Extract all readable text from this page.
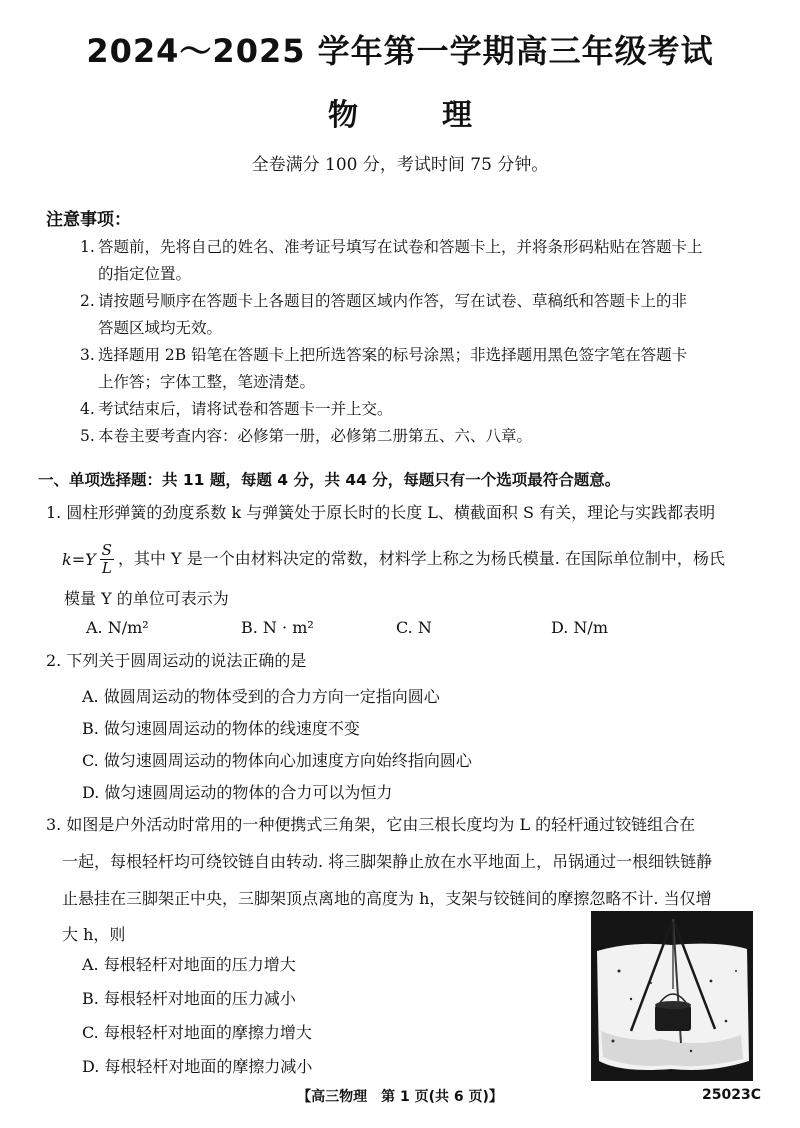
2024～2025 学年第一学期高三年级考试
物	理
全卷满分 100 分，考试时间 75 分钟。
注意事项：
1. 答题前，先将自己的姓名、准考证号填写在试卷和答题卡上，并将条形码粘贴在答题卡上
的指定位置。
2. 请按题号顺序在答题卡上各题目的答题区域内作答，写在试卷、草稿纸和答题卡上的非
答题区域均无效。
3. 选择题用 2B 铅笔在答题卡上把所选答案的标号涂黑；非选择题用黑色签字笔在答题卡
上作答；字体工整，笔迹清楚。
4. 考试结束后，请将试卷和答题卡一并上交。
5. 本卷主要考查内容：必修第一册，必修第二册第五、六、八章。
一、单项选择题：共 11 题，每题 4 分，共 44 分，每题只有一个选项最符合题意。
1. 圆柱形弹簧的劲度系数 k 与弹簧处于原长时的长度 L、横截面积 S 有关，理论与实践都表明
$k=Y \frac{S}{L}$ ，其中 Y 是一个由材料决定的常数，材料学上称之为杨氏模量. 在国际单位制中，杨氏
模量 Y 的单位可表示为
A. N/m²	B. N · m²	C. N	D. N/m
2. 下列关于圆周运动的说法正确的是
A. 做圆周运动的物体受到的合力方向一定指向圆心
B. 做匀速圆周运动的物体的线速度不变
C. 做匀速圆周运动的物体向心加速度方向始终指向圆心
D. 做匀速圆周运动的物体的合力可以为恒力
3. 如图是户外活动时常用的一种便携式三角架，它由三根长度均为 L 的轻杆通过铰链组合在
一起，每根轻杆均可绕铰链自由转动. 将三脚架静止放在水平地面上，吊锅通过一根细铁链静
止悬挂在三脚架正中央，三脚架顶点离地的高度为 h，支架与铰链间的摩擦忽略不计. 当仅增
大 h，则
A. 每根轻杆对地面的压力增大
B. 每根轻杆对地面的压力减小
C. 每根轻杆对地面的摩擦力增大
D. 每根轻杆对地面的摩擦力减小
【高三物理　第 1 页(共 6 页)】	25023C
